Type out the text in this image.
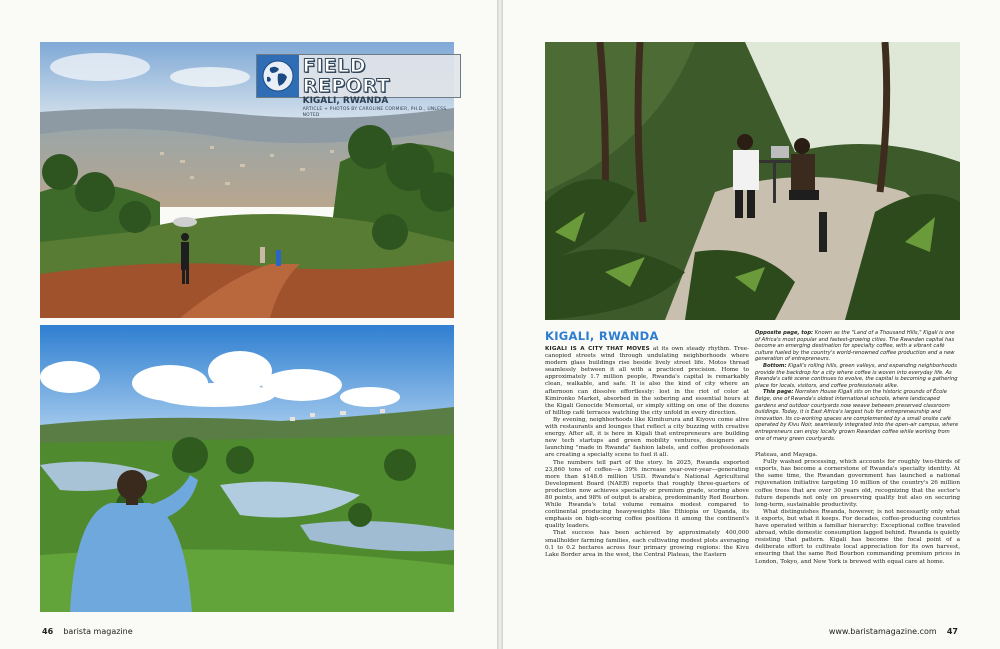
FIELD REPORT
KIGALI, RWANDA
ARTICLE + PHOTOS BY CAROLINE CORMIER, PH.D., UNLESS NOTED
46 barista magazine
KIGALI, RWANDA

KIGALI IS A CITY THAT MOVES at its own steady rhythm. Tree-canopied streets wind through undulating neighborhoods where modern glass buildings rise beside lively street life. Motos thread seamlessly between it all with a practiced precision. Home to approximately 1.7 million people, Rwanda's capital is remarkably clean, walkable, and safe. It is also the kind of city where an afternoon can dissolve effortlessly: lost in the riot of color at Kimironko Market, absorbed in the sobering and essential hours at the Kigali Genocide Memorial, or simply sitting on one of the dozens of hilltop café terraces watching the city unfold in every direction.

By evening, neighborhoods like Kimihurura and Kiyovu come alive with restaurants and lounges that reflect a city buzzing with creative energy. After all, it is here in Kigali that entrepreneurs are building new tech startups and green mobility ventures, designers are launching "made in Rwanda" fashion labels, and coffee professionals are creating a specialty scene to fuel it all.

The numbers tell part of the story. In 2025, Rwanda exported 23,860 tons of coffee—a 39% increase year-over-year—generating more than $148.6 million USD. Rwanda's National Agricultural Development Board (NAEB) reports that roughly three-quarters of production now achieves specialty or premium grade, scoring above 80 points, and 98% of output is arabica, predominantly Red Bourbon. While Rwanda's total volume remains modest compared to continental producing heavyweights like Ethiopia or Uganda, its emphasis on high-scoring coffee positions it among the continent's quality leaders.

That success has been achieved by approximately 400,000 smallholder farming families, each cultivating modest plots averaging 0.1 to 0.2 hectares across four primary growing regions: the Kivu Lake Border area in the west, the Central Plateau, the Eastern

Opposite page, top: Known as the "Land of a Thousand Hills," Kigali is one of Africa's most popular and fastest-growing cities. The Rwandan capital has become an emerging destination for specialty coffee, with a vibrant café culture fueled by the country's world-renowned coffee production and a new generation of entrepreneurs.

Bottom: Kigali's rolling hills, green valleys, and expanding neighborhoods provide the backdrop for a city where coffee is woven into everyday life. As Rwanda's café scene continues to evolve, the capital is becoming a gathering place for locals, visitors, and coffee professionals alike.

This page: Norrsken House Kigali sits on the historic grounds of École Belge, one of Rwanda's oldest international schools, where landscaped gardens and outdoor courtyards now weave between preserved classroom buildings. Today, it is East Africa's largest hub for entrepreneurship and innovation. Its co-working spaces are complemented by a small onsite café operated by Kivu Noir, seamlessly integrated into the open-air campus, where entrepreneurs can enjoy locally grown Rwandan coffee while working from one of many green courtyards.

Plateau, and Mayaga.

Fully washed processing, which accounts for roughly two-thirds of exports, has become a cornerstone of Rwanda's specialty identity. At the same time, the Rwandan government has launched a national rejuvenation initiative targeting 10 million of the country's 26 million coffee trees that are over 30 years old, recognizing that the sector's future depends not only on preserving quality but also on securing long-term, sustainable productivity.

What distinguishes Rwanda, however, is not necessarily only what it exports, but what it keeps. For decades, coffee-producing countries have operated within a familiar hierarchy: Exceptional coffee traveled abroad, while domestic consumption lagged behind. Rwanda is quietly resisting that pattern. Kigali has become the focal point of a deliberate effort to cultivate local appreciation for its own harvest, ensuring that the same Red Bourbon commanding premium prices in London, Tokyo, and New York is brewed with equal care at home.

www.baristamagazine.com 47
